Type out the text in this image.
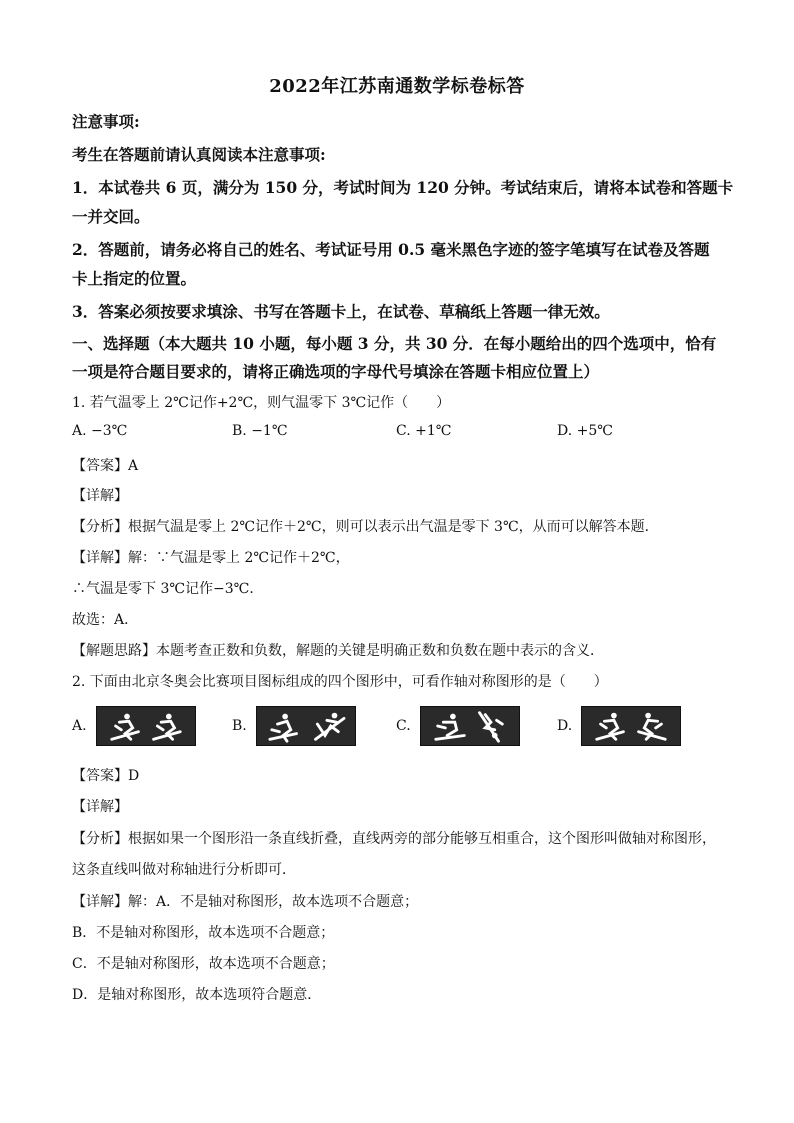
2022年江苏南通数学标卷标答
注意事项:
考生在答题前请认真阅读本注意事项:
1．本试卷共 6 页，满分为 150 分，考试时间为 120 分钟。考试结束后，请将本试卷和答题卡
一并交回。
2．答题前，请务必将自己的姓名、考试证号用 0.5 毫米黑色字迹的签字笔填写在试卷及答题
卡上指定的位置。
3．答案必须按要求填涂、书写在答题卡上，在试卷、草稿纸上答题一律无效。
一、选择题（本大题共 10 小题，每小题 3 分，共 30 分．在每小题给出的四个选项中，恰有
一项是符合题目要求的，请将正确选项的字母代号填涂在答题卡相应位置上）
1. 若气温零上 2℃记作+2℃，则气温零下 3℃记作（　　）
A. −3℃	B. −1℃	C. +1℃	D. +5℃
【答案】A
【详解】
【分析】根据气温是零上 2℃记作＋2℃，则可以表示出气温是零下 3℃，从而可以解答本题．
【详解】解：∵气温是零上 2℃记作＋2℃，
∴气温是零下 3℃记作−3℃．
故选：A．
【解题思路】本题考查正数和负数，解题的关键是明确正数和负数在题中表示的含义．
2. 下面由北京冬奥会比赛项目图标组成的四个图形中，可看作轴对称图形的是（　　）
A.	B.	C.	D.
【答案】D
【详解】
【分析】根据如果一个图形沿一条直线折叠，直线两旁的部分能够互相重合，这个图形叫做轴对称图形，
这条直线叫做对称轴进行分析即可．
【详解】解：A．不是轴对称图形，故本选项不合题意；
B．不是轴对称图形，故本选项不合题意；
C．不是轴对称图形，故本选项不合题意；
D．是轴对称图形，故本选项符合题意．
